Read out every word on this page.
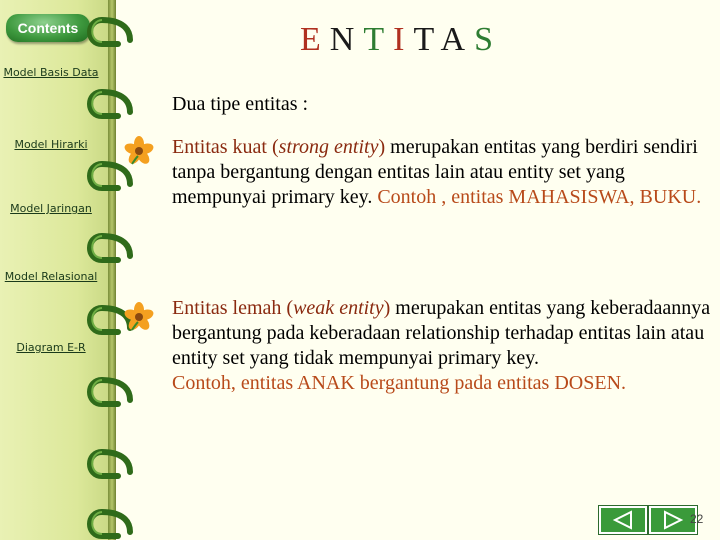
Contents
Model Basis Data
Model Hirarki
Model Jaringan
Model Relasional
Diagram E-R
ENTITAS
Dua tipe entitas :
Entitas kuat (strong entity) merupakan entitas yang berdiri sendiri tanpa bergantung dengan entitas lain atau entity set yang mempunyai primary key. Contoh , entitas MAHASISWA, BUKU.
Entitas lemah (weak entity) merupakan entitas yang keberadaannya bergantung pada keberadaan relationship terhadap entitas lain atau entity set yang tidak mempunyai primary key.
Contoh, entitas ANAK bergantung pada entitas DOSEN.
22
